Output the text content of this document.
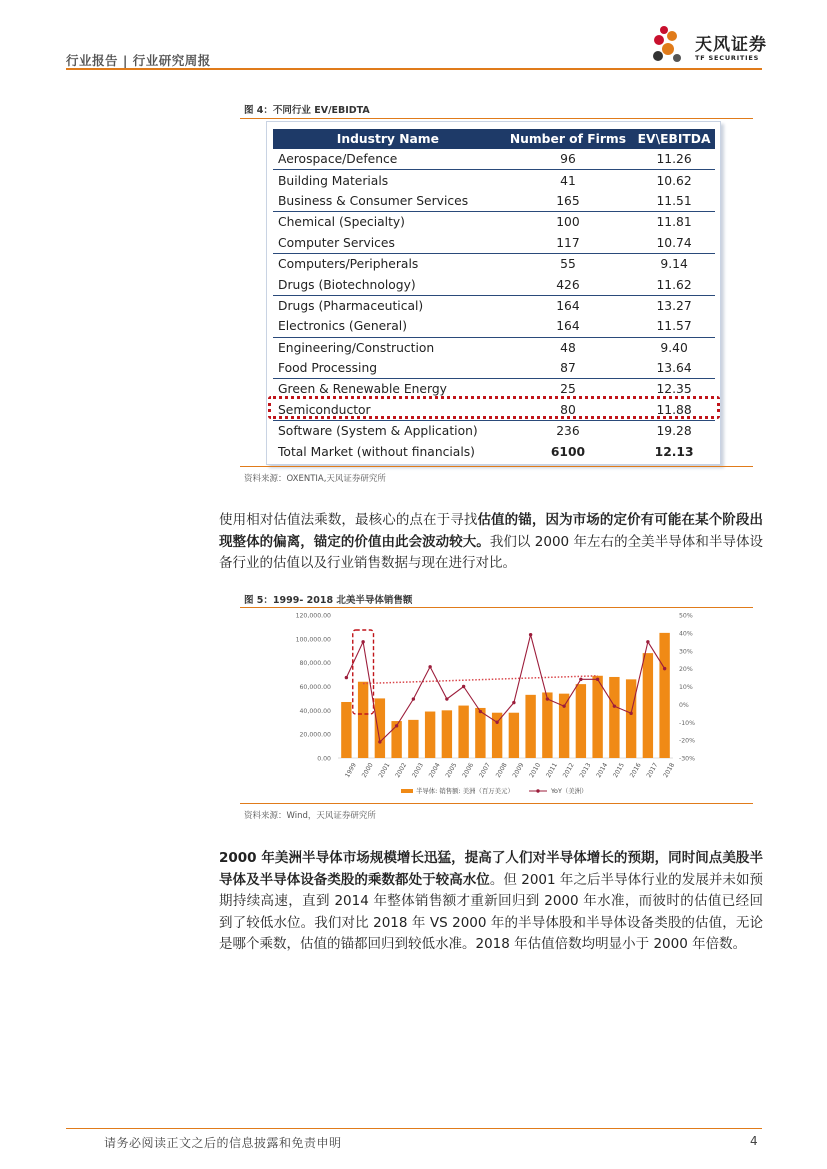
行业报告 | 行业研究周报
天风证券
TF SECURITIES
图 4：不同行业 EV/EBIDTA
Industry Name	Number of Firms	EV\EBITDA
Aerospace/Defence	96	11.26
Building Materials	41	10.62
Business & Consumer Services	165	11.51
Chemical (Specialty)	100	11.81
Computer Services	117	10.74
Computers/Peripherals	55	9.14
Drugs (Biotechnology)	426	11.62
Drugs (Pharmaceutical)	164	13.27
Electronics (General)	164	11.57
Engineering/Construction	48	9.40
Food Processing	87	13.64
Green & Renewable Energy	25	12.35
Semiconductor	80	11.88
Software (System & Application)	236	19.28
Total Market (without financials)	6100	12.13
资料来源：OXENTIA,天风证券研究所
使用相对估值法乘数，最核心的点在于寻找估值的锚，因为市场的定价有可能在某个阶段出现整体的偏离，锚定的价值由此会波动较大。我们以 2000 年左右的全美半导体和半导体设备行业的估值以及行业销售数据与现在进行对比。
图 5：1999- 2018 北美半导体销售额
0.00
20,000.00
40,000.00
60,000.00
80,000.00
100,000.00
120,000.00
-30%
-20%
-10%
0%
10%
20%
30%
40%
50%
1999 2000 2001 2002 2003 2004 2005 2006 2007 2008 2009 2010 2011 2012 2013 2014 2015 2016 2017 2018
半导体: 销售额: 美洲（百万美元）	YoY（美洲）
资料来源：Wind，天风证券研究所
2000 年美洲半导体市场规模增长迅猛，提高了人们对半导体增长的预期，同时间点美股半导体及半导体设备类股的乘数都处于较高水位。但 2001 年之后半导体行业的发展并未如预期持续高速，直到 2014 年整体销售额才重新回归到 2000 年水准，而彼时的估值已经回到了较低水位。我们对比 2018 年 VS 2000 年的半导体股和半导体设备类股的估值，无论是哪个乘数，估值的锚都回归到较低水准。2018 年估值倍数均明显小于 2000 年倍数。
请务必阅读正文之后的信息披露和免责申明	4
